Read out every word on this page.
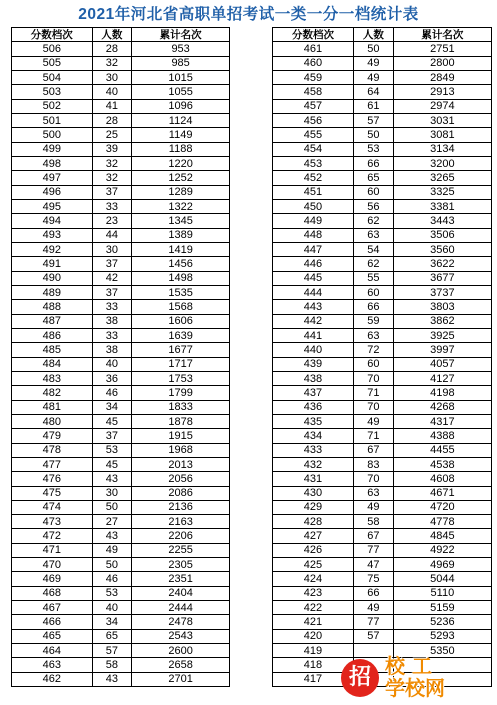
2021年河北省高职单招考试一类一分一档统计表
分数档次	人数	累计名次
506	28	953
505	32	985
504	30	1015
503	40	1055
502	41	1096
501	28	1124
500	25	1149
499	39	1188
498	32	1220
497	32	1252
496	37	1289
495	33	1322
494	23	1345
493	44	1389
492	30	1419
491	37	1456
490	42	1498
489	37	1535
488	33	1568
487	38	1606
486	33	1639
485	38	1677
484	40	1717
483	36	1753
482	46	1799
481	34	1833
480	45	1878
479	37	1915
478	53	1968
477	45	2013
476	43	2056
475	30	2086
474	50	2136
473	27	2163
472	43	2206
471	49	2255
470	50	2305
469	46	2351
468	53	2404
467	40	2444
466	34	2478
465	65	2543
464	57	2600
463	58	2658
462	43	2701
分数档次	人数	累计名次
461	50	2751
460	49	2800
459	49	2849
458	64	2913
457	61	2974
456	57	3031
455	50	3081
454	53	3134
453	66	3200
452	65	3265
451	60	3325
450	56	3381
449	62	3443
448	63	3506
447	54	3560
446	62	3622
445	55	3677
444	60	3737
443	66	3803
442	59	3862
441	63	3925
440	72	3997
439	60	4057
438	70	4127
437	71	4198
436	70	4268
435	49	4317
434	71	4388
433	67	4455
432	83	4538
431	70	4608
430	63	4671
429	49	4720
428	58	4778
427	67	4845
426	77	4922
425	47	4969
424	75	5044
423	66	5110
422	49	5159
421	77	5236
420	57	5293
419		5350
418		
417			招 校 工
学校网
